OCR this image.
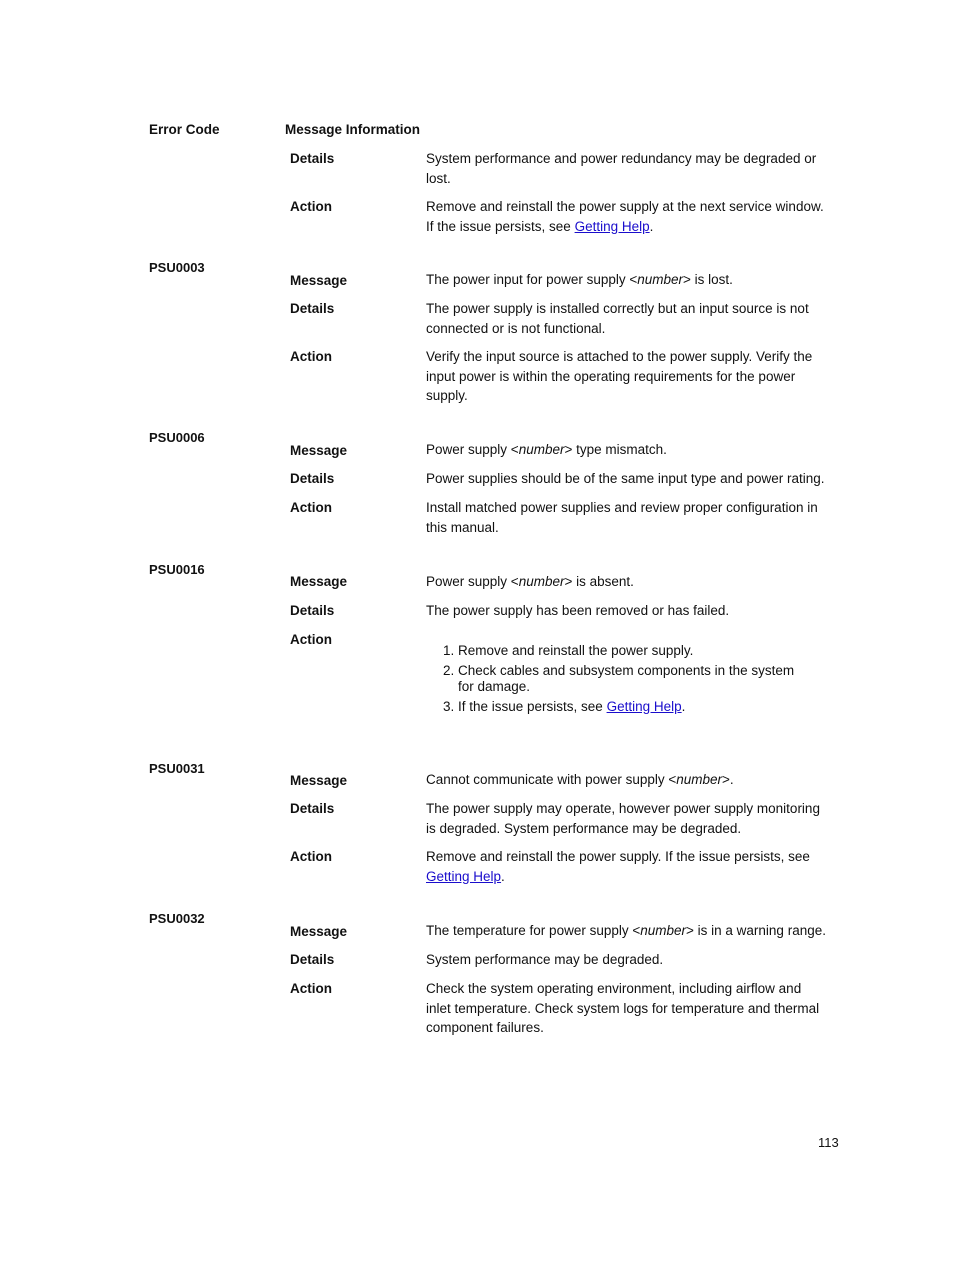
Error Code	Message Information
Details	System performance and power redundancy may be degraded or lost.
Action	Remove and reinstall the power supply at the next service window. If the issue persists, see Getting Help.
PSU0003
Message	The power input for power supply <number> is lost.
Details	The power supply is installed correctly but an input source is not connected or is not functional.
Action	Verify the input source is attached to the power supply. Verify the input power is within the operating requirements for the power supply.
PSU0006
Message	Power supply <number> type mismatch.
Details	Power supplies should be of the same input type and power rating.
Action	Install matched power supplies and review proper configuration in this manual.
PSU0016
Message	Power supply <number> is absent.
Details	The power supply has been removed or has failed.
Action
1. Remove and reinstall the power supply.
2. Check cables and subsystem components in the system for damage.
3. If the issue persists, see Getting Help.
PSU0031
Message	Cannot communicate with power supply <number>.
Details	The power supply may operate, however power supply monitoring is degraded. System performance may be degraded.
Action	Remove and reinstall the power supply. If the issue persists, see Getting Help.
PSU0032
Message	The temperature for power supply <number> is in a warning range.
Details	System performance may be degraded.
Action	Check the system operating environment, including airflow and inlet temperature. Check system logs for temperature and thermal component failures.
113
